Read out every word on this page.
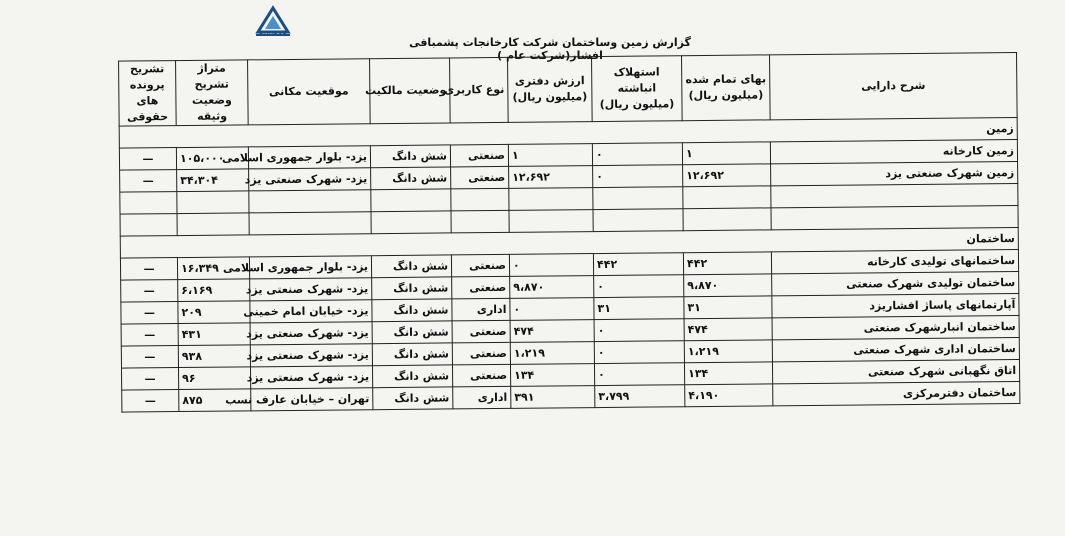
BOURSE
گزارش زمین وساختمان شرکت کارخانجات پشمبافی افشار(شرکت عام )
شرح دارایی	بهای تمام شده (میلیون ریال)	استهلاک انباشته (میلیون ریال)	ارزش دفتری (میلیون ریال)	نوع کاربری	وضعیت مالکیت	موقعیت مکانی	متراژ تشریح وضعیت وثیقه	تشریح پرونده های حقوقی
زمین								
زمین کارخانه	۱	۰	۱	صنعتی	شش دانگ	یزد- بلوار جمهوری اسلامی	۱۰۵،۰۰۰	—
زمین شهرک صنعتی یزد	۱۲،۶۹۲	۰	۱۲،۶۹۲	صنعتی	شش دانگ	یزد- شهرک صنعتی یزد	۳۴،۳۰۴	—

ساختمان								
ساختمانهای تولیدی کارخانه	۴۴۲	۴۴۲	۰	صنعتی	شش دانگ	یزد- بلوار جمهوری اسلامی	۱۶،۳۴۹	—
ساختمان تولیدی شهرک صنعتی	۹،۸۷۰	۰	۹،۸۷۰	صنعتی	شش دانگ	یزد- شهرک صنعتی یزد	۶،۱۶۹	—
آپارتمانهای پاساژ افشاریزد	۳۱	۳۱	۰	اداری	شش دانگ	یزد- خیابان امام خمینی	۲۰۹	—
ساختمان انبارشهرک صنعتی	۴۷۴	۰	۴۷۴	صنعتی	شش دانگ	یزد- شهرک صنعتی یزد	۴۳۱	—
ساختمان اداری شهرک صنعتی	۱،۲۱۹	۰	۱،۲۱۹	صنعتی	شش دانگ	یزد- شهرک صنعتی یزد	۹۳۸	—
اتاق نگهبانی شهرک صنعتی	۱۳۴	۰	۱۳۴	صنعتی	شش دانگ	یزد- شهرک صنعتی یزد	۹۶	—
ساختمان دفترمرکزی	۴،۱۹۰	۳،۷۹۹	۳۹۱	اداری	شش دانگ	تهران – خیابان عارف نسب	۸۷۵	—
